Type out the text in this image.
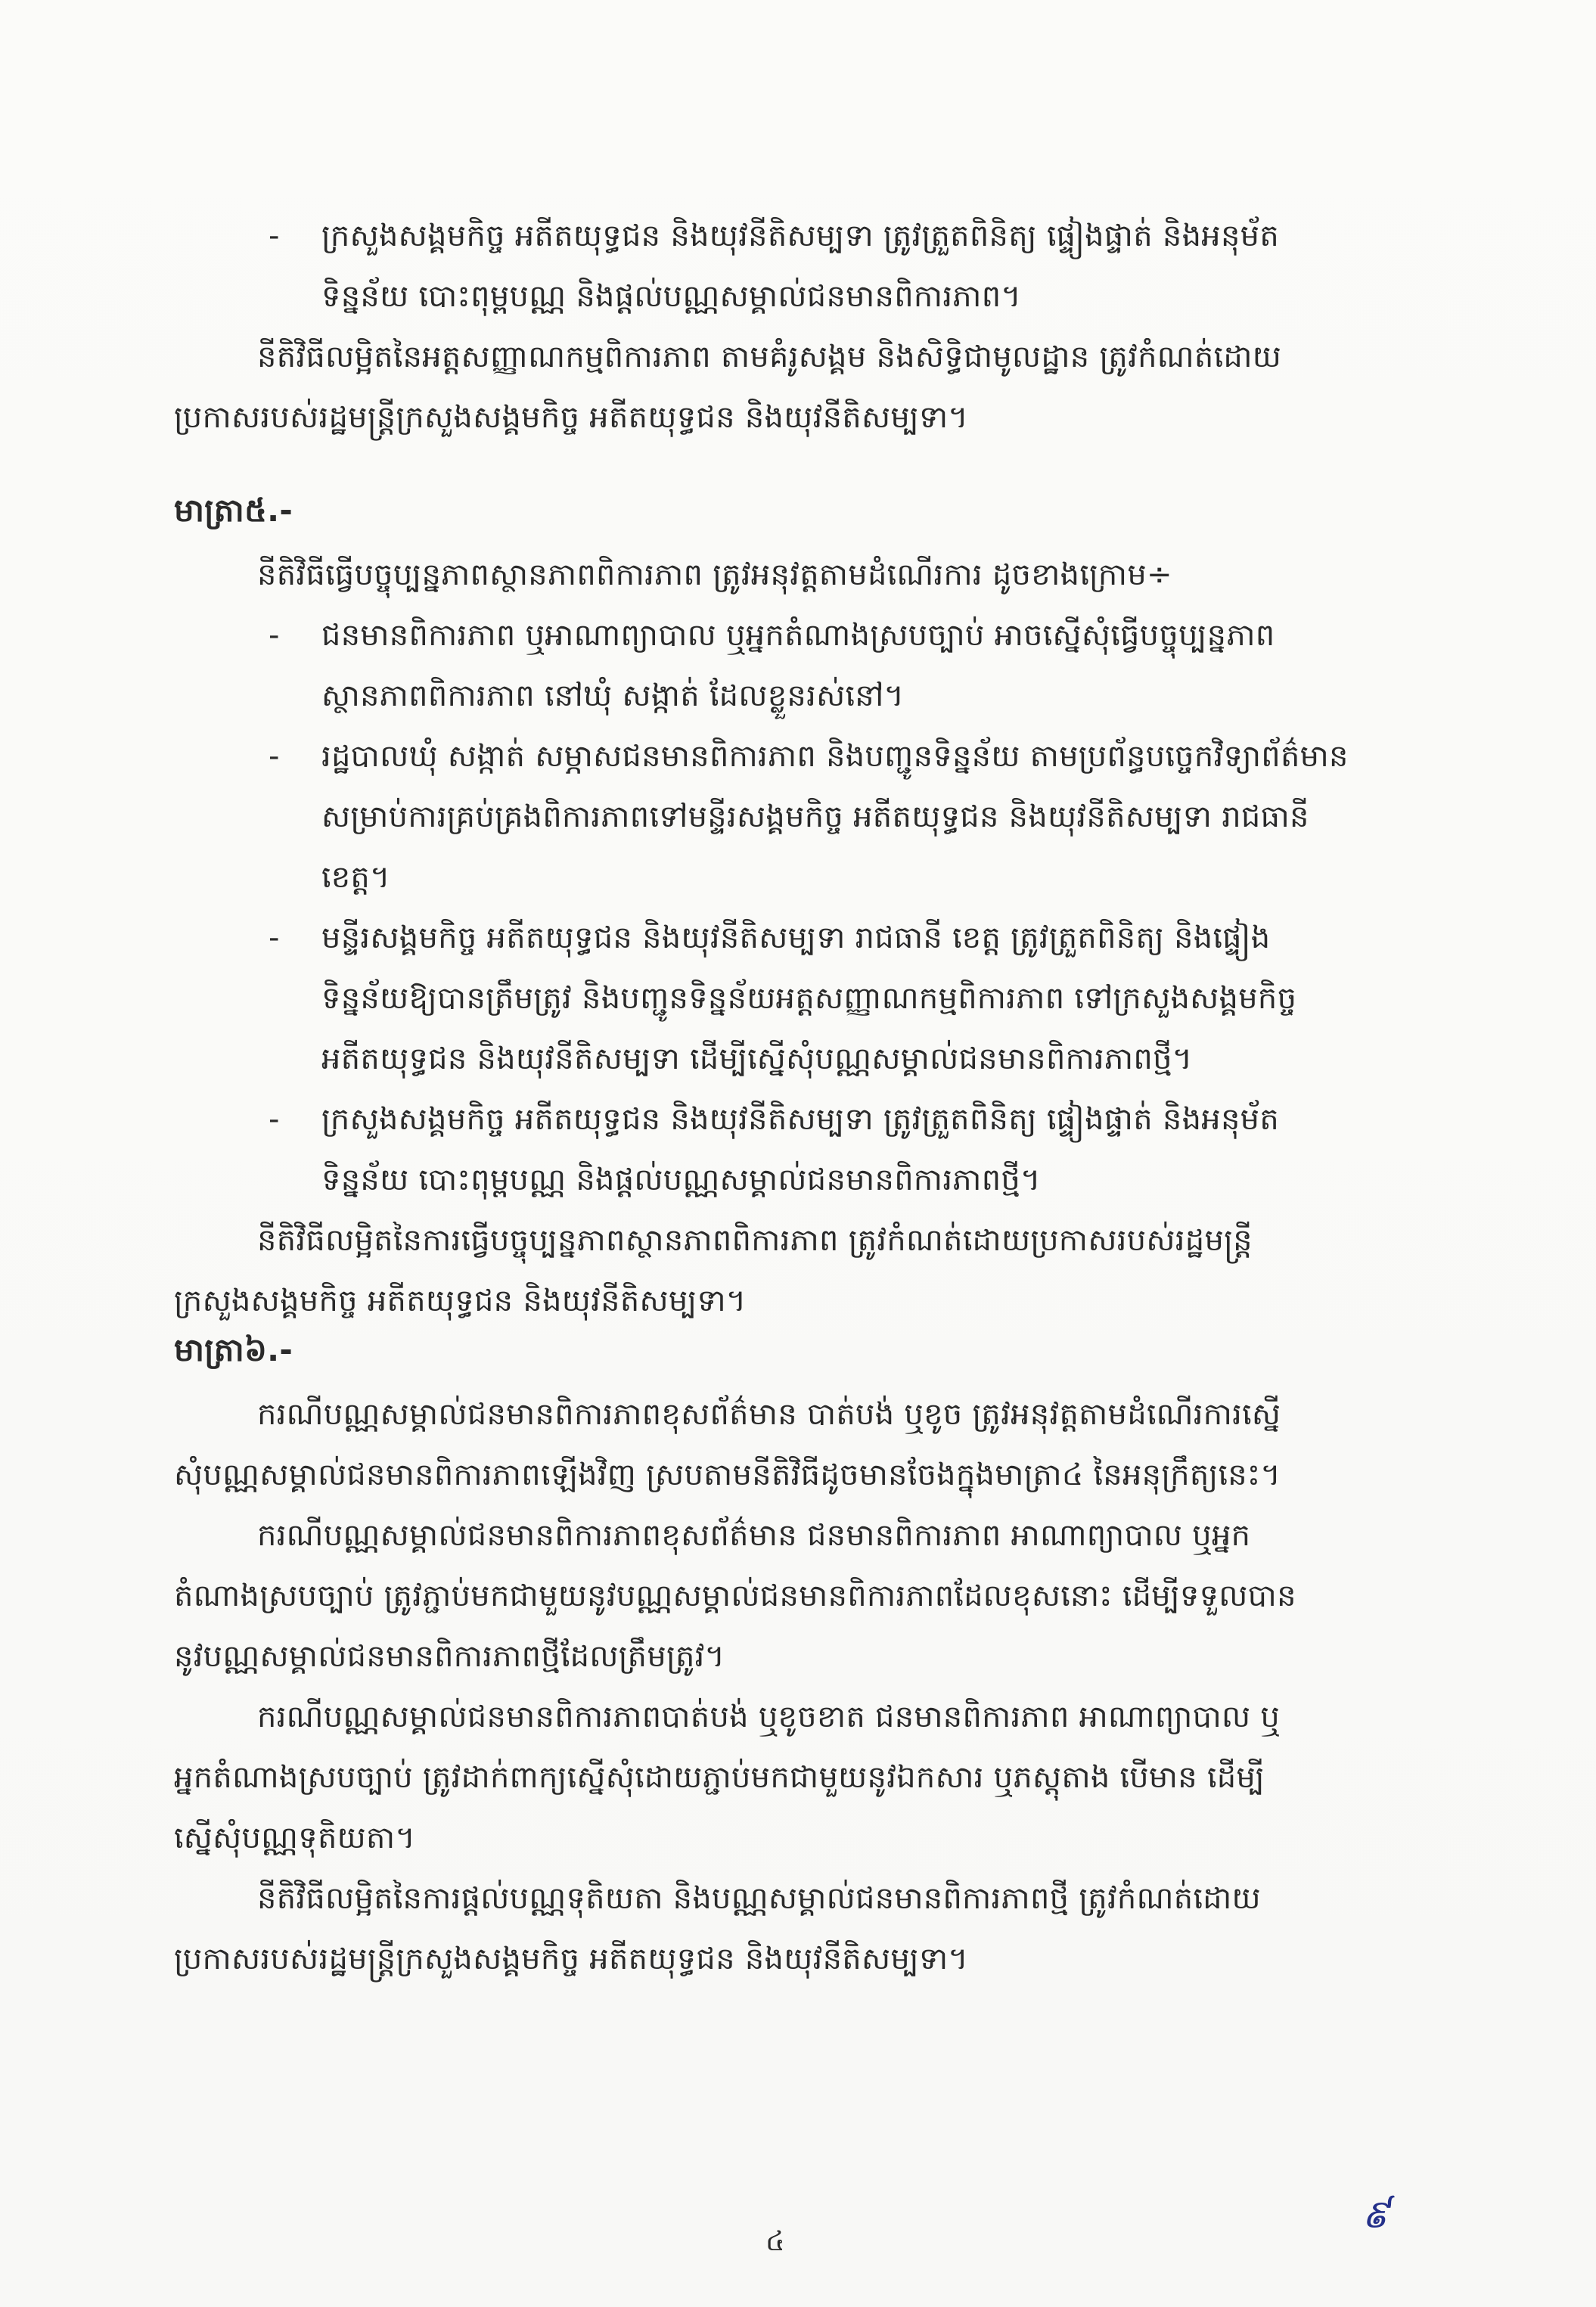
- ក្រសួងសង្គមកិច្ច អតីតយុទ្ធជន និងយុវនីតិសម្បទា ត្រូវត្រួតពិនិត្យ ផ្ទៀងផ្ទាត់ និងអនុម័ត
ទិន្នន័យ បោះពុម្ពបណ្ណ និងផ្តល់បណ្ណសម្គាល់ជនមានពិការភាព។
នីតិវិធីលម្អិតនៃអត្តសញ្ញាណកម្មពិការភាព តាមគំរូសង្គម និងសិទ្ធិជាមូលដ្ឋាន ត្រូវកំណត់ដោយ
ប្រកាសរបស់រដ្ឋមន្ត្រីក្រសួងសង្គមកិច្ច អតីតយុទ្ធជន និងយុវនីតិសម្បទា។
មាត្រា៥.-
នីតិវិធីធ្វើបច្ចុប្បន្នភាពស្ថានភាពពិការភាព ត្រូវអនុវត្តតាមដំណើរការ ដូចខាងក្រោម÷
- ជនមានពិការភាព ឬអាណាព្យាបាល ឬអ្នកតំណាងស្របច្បាប់ អាចស្នើសុំធ្វើបច្ចុប្បន្នភាព
ស្ថានភាពពិការភាព នៅឃុំ សង្កាត់ ដែលខ្លួនរស់នៅ។
- រដ្ឋបាលឃុំ សង្កាត់ សម្ភាសជនមានពិការភាព និងបញ្ជូនទិន្នន័យ តាមប្រព័ន្ធបច្ចេកវិទ្យាព័ត៌មាន
សម្រាប់ការគ្រប់គ្រងពិការភាពទៅមន្ទីរសង្គមកិច្ច អតីតយុទ្ធជន និងយុវនីតិសម្បទា រាជធានី
ខេត្ត។
- មន្ទីរសង្គមកិច្ច អតីតយុទ្ធជន និងយុវនីតិសម្បទា រាជធានី ខេត្ត ត្រូវត្រួតពិនិត្យ និងផ្ទៀង
ទិន្នន័យឱ្យបានត្រឹមត្រូវ និងបញ្ជូនទិន្នន័យអត្តសញ្ញាណកម្មពិការភាព ទៅក្រសួងសង្គមកិច្ច
អតីតយុទ្ធជន និងយុវនីតិសម្បទា ដើម្បីស្នើសុំបណ្ណសម្គាល់ជនមានពិការភាពថ្មី។
- ក្រសួងសង្គមកិច្ច អតីតយុទ្ធជន និងយុវនីតិសម្បទា ត្រូវត្រួតពិនិត្យ ផ្ទៀងផ្ទាត់ និងអនុម័ត
ទិន្នន័យ បោះពុម្ពបណ្ណ និងផ្តល់បណ្ណសម្គាល់ជនមានពិការភាពថ្មី។
នីតិវិធីលម្អិតនៃការធ្វើបច្ចុប្បន្នភាពស្ថានភាពពិការភាព ត្រូវកំណត់ដោយប្រកាសរបស់រដ្ឋមន្ត្រី
ក្រសួងសង្គមកិច្ច អតីតយុទ្ធជន និងយុវនីតិសម្បទា។
មាត្រា៦.-
ករណីបណ្ណសម្គាល់ជនមានពិការភាពខុសព័ត៌មាន បាត់បង់ ឬខូច ត្រូវអនុវត្តតាមដំណើរការស្នើ
សុំបណ្ណសម្គាល់ជនមានពិការភាពឡើងវិញ ស្របតាមនីតិវិធីដូចមានចែងក្នុងមាត្រា៤ នៃអនុក្រឹត្យនេះ។
ករណីបណ្ណសម្គាល់ជនមានពិការភាពខុសព័ត៌មាន ជនមានពិការភាព អាណាព្យាបាល ឬអ្នក
តំណាងស្របច្បាប់ ត្រូវភ្ជាប់មកជាមួយនូវបណ្ណសម្គាល់ជនមានពិការភាពដែលខុសនោះ ដើម្បីទទួលបាន
នូវបណ្ណសម្គាល់ជនមានពិការភាពថ្មីដែលត្រឹមត្រូវ។
ករណីបណ្ណសម្គាល់ជនមានពិការភាពបាត់បង់ ឬខូចខាត ជនមានពិការភាព អាណាព្យាបាល ឬ
អ្នកតំណាងស្របច្បាប់ ត្រូវដាក់ពាក្យស្នើសុំដោយភ្ជាប់មកជាមួយនូវឯកសារ ឬភស្តុតាង បើមាន ដើម្បី
ស្នើសុំបណ្ណទុតិយតា។
នីតិវិធីលម្អិតនៃការផ្តល់បណ្ណទុតិយតា និងបណ្ណសម្គាល់ជនមានពិការភាពថ្មី ត្រូវកំណត់ដោយ
ប្រកាសរបស់រដ្ឋមន្ត្រីក្រសួងសង្គមកិច្ច អតីតយុទ្ធជន និងយុវនីតិសម្បទា។
៤
៩
